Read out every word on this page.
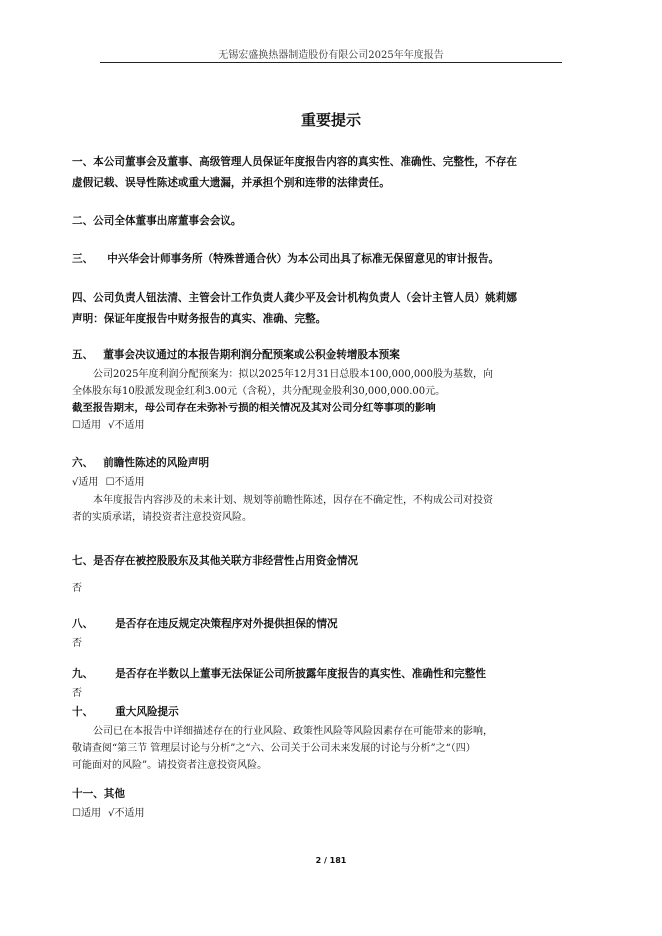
无锡宏盛换热器制造股份有限公司2025年年度报告
重要提示

一、本公司董事会及董事、高级管理人员保证年度报告内容的真实性、准确性、完整性，不存在

虚假记载、误导性陈述或重大遗漏，并承担个别和连带的法律责任。

二、公司全体董事出席董事会会议。

三、 中兴华会计师事务所（特殊普通合伙）为本公司出具了标准无保留意见的审计报告。

四、公司负责人钮法清、主管会计工作负责人龚少平及会计机构负责人（会计主管人员）姚莉娜

声明：保证年度报告中财务报告的真实、准确、完整。

五、 董事会决议通过的本报告期利润分配预案或公积金转增股本预案

公司2025年度利润分配预案为：拟以2025年12月31日总股本100,000,000股为基数，向

全体股东每10股派发现金红利3.00元（含税），共分配现金股利30,000,000.00元。

截至报告期末，母公司存在未弥补亏损的相关情况及其对公司分红等事项的影响

☐适用 √不适用

六、 前瞻性陈述的风险声明

√适用 ☐不适用

本年度报告内容涉及的未来计划、规划等前瞻性陈述，因存在不确定性，不构成公司对投资

者的实质承诺，请投资者注意投资风险。

七、是否存在被控股股东及其他关联方非经营性占用资金情况

否

八、 是否存在违反规定决策程序对外提供担保的情况

否

九、 是否存在半数以上董事无法保证公司所披露年度报告的真实性、准确性和完整性

否

十、 重大风险提示

公司已在本报告中详细描述存在的行业风险、政策性风险等风险因素存在可能带来的影响，

敬请查阅“第三节 管理层讨论与分析”之“六、公司关于公司未来发展的讨论与分析”之“（四）

可能面对的风险”。请投资者注意投资风险。

十一、其他

☐适用 √不适用

2 / 181
